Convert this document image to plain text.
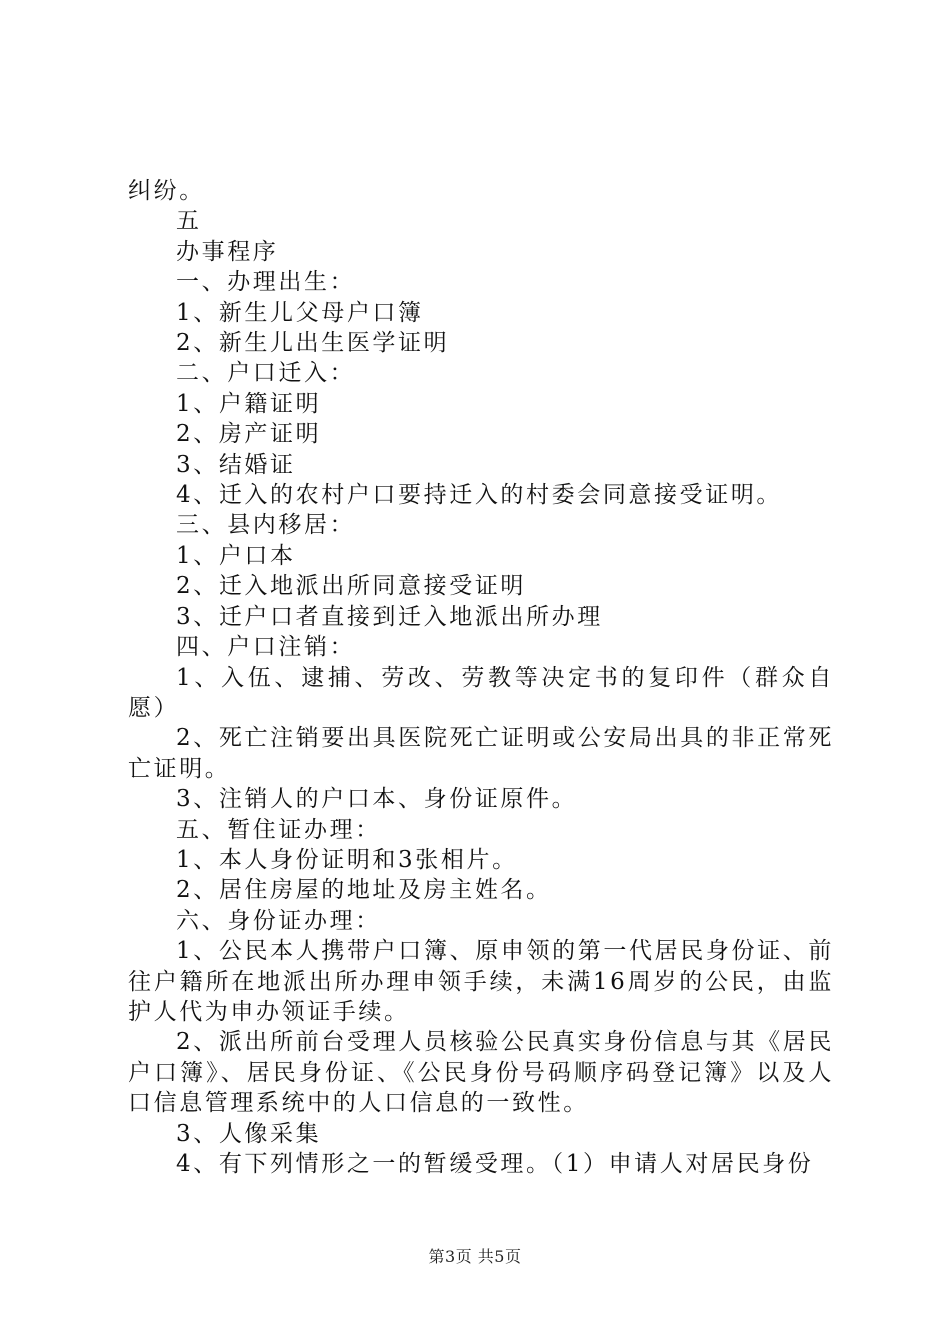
纠纷。

五

办事程序

一、办理出生：

1、新生儿父母户口簿

2、新生儿出生医学证明

二、户口迁入：

1、户籍证明

2、房产证明

3、结婚证

4、迁入的农村户口要持迁入的村委会同意接受证明。

三、县内移居：

1、户口本

2、迁入地派出所同意接受证明

3、迁户口者直接到迁入地派出所办理

四、户口注销：

1、入伍、逮捕、劳改、劳教等决定书的复印件（群众自愿）

2、死亡注销要出具医院死亡证明或公安局出具的非正常死亡证明。

3、注销人的户口本、身份证原件。

五、暂住证办理：

1、本人身份证明和3张相片。

2、居住房屋的地址及房主姓名。

六、身份证办理：

1、公民本人携带户口簿、原申领的第一代居民身份证、前往户籍所在地派出所办理申领手续，未满16周岁的公民，由监护人代为申办领证手续。

2、派出所前台受理人员核验公民真实身份信息与其《居民户口簿》、居民身份证、《公民身份号码顺序码登记簿》以及人口信息管理系统中的人口信息的一致性。

3、人像采集

4、有下列情形之一的暂缓受理。（1）申请人对居民身份

第3页 共5页
